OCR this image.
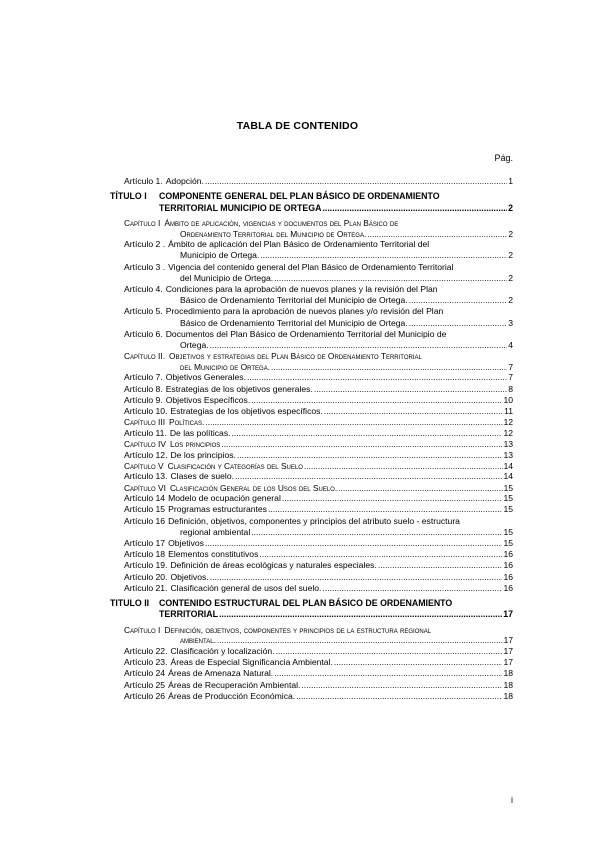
TABLA DE CONTENIDO
Pág.
Artículo 1. Adopción. .....	1
TÍTULO I	COMPONENTE GENERAL DEL PLAN BÁSICO DE ORDENAMIENTO
TERRITORIAL MUNICIPIO DE ORTEGA .....	2
Capítulo I Ámbito de aplicación, vigencias y documentos del Plan Básico de
Ordenamiento Territorial del Municipio de Ortega. .....	2
Artículo 2 . Ámbito de aplicación del Plan Básico de Ordenamiento Territorial del
Municipio de Ortega. .....	2
Artículo 3 . Vigencia del contenido general del Plan Básico de Ordenamiento Territorial
del Municipio de Ortega. .....	2
Artículo 4. Condiciones para la aprobación de nuevos planes y la revisión del Plan
Básico de Ordenamiento Territorial del Municipio de Ortega. .....	2
Artículo 5. Procedimiento para la aprobación de nuevos planes y/o revisión del Plan
Básico de Ordenamiento Territorial del Municipio de Ortega. .....	3
Artículo 6. Documentos del Plan Básico de Ordenamiento Territorial del Municipio de
Ortega. .....	4
Capítulo II. Objetivos y estrategias del Plan Básico de Ordenamiento Territorial
del Municipio de Ortega. .....	7
Artículo 7. Objetivos Generales. .....	7
Artículo 8. Estrategias de los objetivos generales. .....	8
Artículo 9. Objetivos Específicos. .....	10
Artículo 10. Estrategias de los objetivos específicos. .....	11
Capítulo III Políticas. .....	12
Artículo 11. De las políticas. .....	12
Capítulo IV Los principios .....	13
Artículo 12. De los principios. .....	13
Capítulo V Clasificación y Categorías del Suelo .....	14
Artículo 13. Clases de suelo. .....	14
Capítulo VI Clasificación General de los Usos del Suelo. .....	15
Artículo 14 Modelo de ocupación general .....	15
Artículo 15 Programas estructurantes .....	15
Artículo 16 Definición, objetivos, componentes y principios del atributo suelo - estructura
regional ambiental .....	15
Artículo 17 Objetivos .....	15
Artículo 18 Elementos constitutivos .....	16
Artículo 19. Definición de áreas ecológicas y naturales especiales. .....	16
Artículo 20. Objetivos. .....	16
Artículo 21. Clasificación general de usos del suelo. .....	16
TITULO II	CONTENIDO ESTRUCTURAL DEL PLAN BÁSICO DE ORDENAMIENTO
TERRITORIAL .....	17
Capítulo I Definición, objetivos, componentes y principios de la estructura regional
ambiental. .....	17
Artículo 22. Clasificación y localización. .....	17
Artículo 23. Áreas de Especial Significancia Ambiental. .....	17
Artículo 24 Áreas de Amenaza Natural. .....	18
Artículo 25 Áreas de Recuperación Ambiental. .....	18
Artículo 26 Áreas de Producción Económica. .....	18
i
